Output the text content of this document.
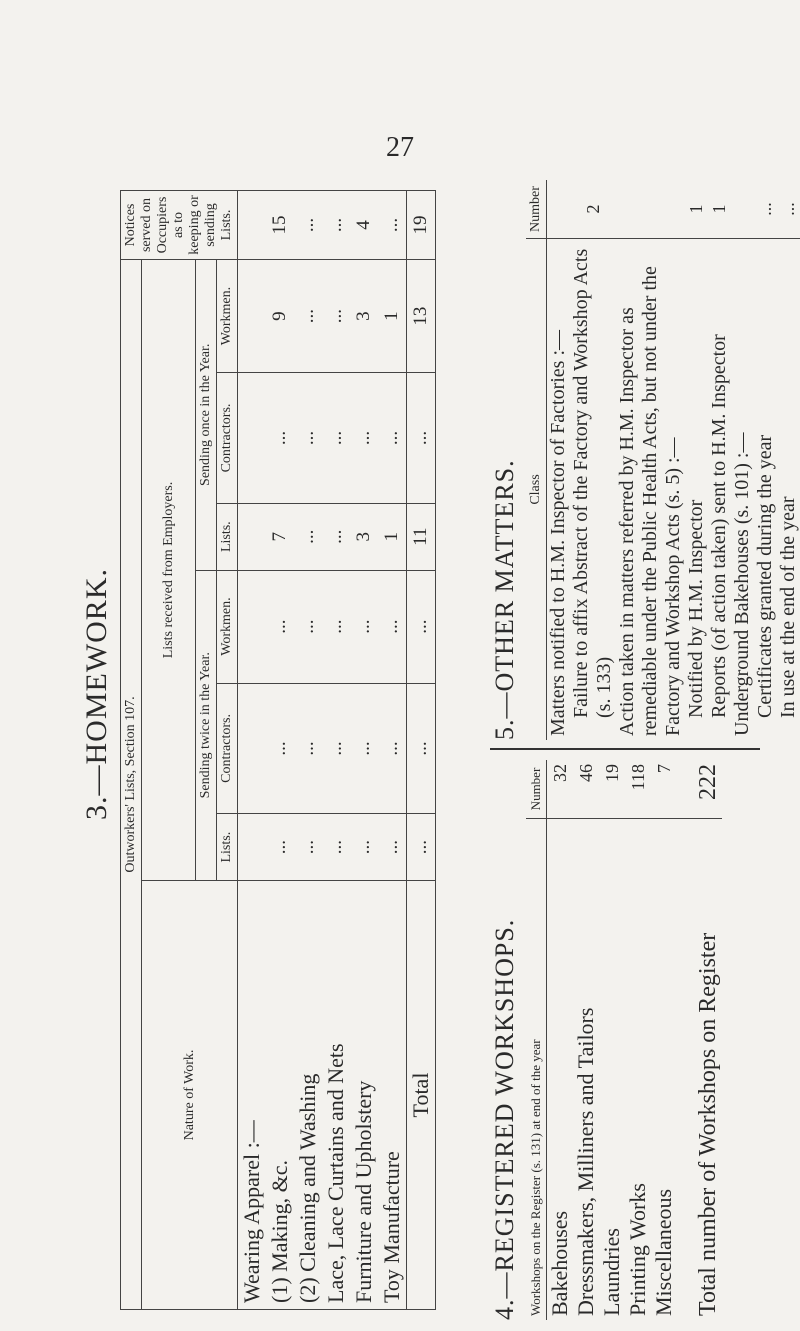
27
3.—HOMEWORK. Outworkers' Lists, Section 107.							Notices served on Occupiers as to keeping or sending Lists.
Nature of Work.	Lists received from Employers.						
	Sending twice in the Year.			Sending once in the Year.			
	Lists.	Contractors.	Workmen.	Lists.	Contractors.	Workmen.	
Wearing Apparel :—							
(1) Making, &c.	...	...	...	7	...	9	15
(2) Cleaning and Washing	...	...	...	...	...	...	...
Lace, Lace Curtains and Nets	...	...	...	...	...	...	...
Furniture and Upholstery	...	...	...	3	...	3	4
Toy Manufacture	...	...	...	1	...	1	...
Total	...	...	...	11	...	13	19
4.—REGISTERED WORKSHOPS. Workshops on the Register (s. 131) at end of the year	Number
Bakehouses	32
Dressmakers, Milliners and Tailors	46
Laundries	19
Printing Works	118
Miscellaneous	7
Total number of Workshops on Register	222
5.—OTHER MATTERS. Class	Number
Matters notified to H.M. Inspector of Factories :—	
Failure to affix Abstract of the Factory and Workshop Acts (s. 133)	2
Action taken in matters referred by H.M. Inspector as remediable under the Public Health Acts, but not under the Factory and Workshop Acts (s. 5) :—	
Notified by H.M. Inspector	1
Reports (of action taken) sent to H.M. Inspector	1
Underground Bakehouses (s. 101) :—	
Certificates granted during the year	...
In use at the end of the year	...
